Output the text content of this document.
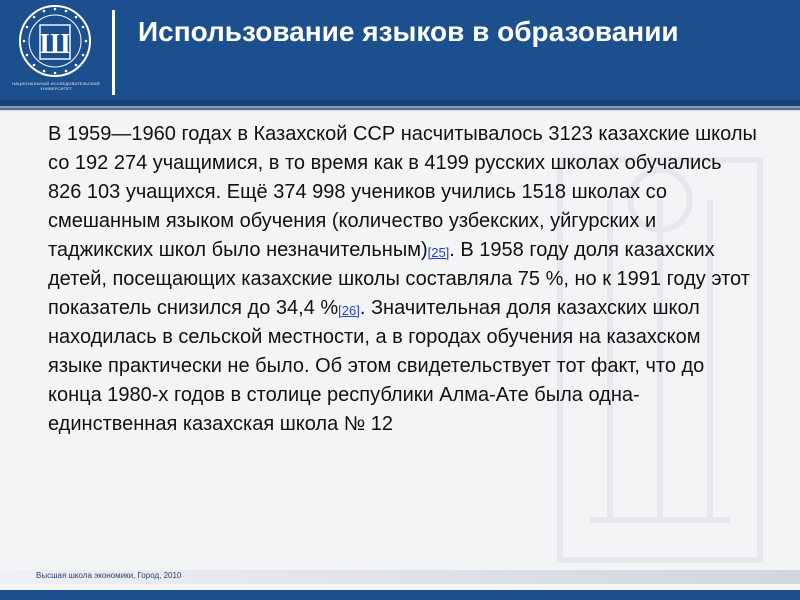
Ш
НАЦИОНАЛЬНЫЙ ИССЛЕДОВАТЕЛЬСКИЙ
УНИВЕРСИТЕТ
Использование языков в образовании
В 1959—1960 годах в Казахской ССР насчитывалось 3123 казахские школы со 192 274 учащимися, в то время как в 4199 русских школах обучались 826 103 учащихся. Ещё 374 998 учеников учились 1518 школах со смешанным языком обучения (количество узбекских, уйгурских и таджикских школ было незначительным)[25]. В 1958 году доля казахских детей, посещающих казахские школы составляла 75 %, но к 1991 году этот показатель снизился до 34,4 %[26]. Значительная доля казахских школ находилась в сельской местности, а в городах обучения на казахском языке практически не было. Об этом свидетельствует тот факт, что до конца 1980-х годов в столице республики Алма-Ате была одна-единственная казахская школа № 12
Высшая школа экономики, Город, 2010
